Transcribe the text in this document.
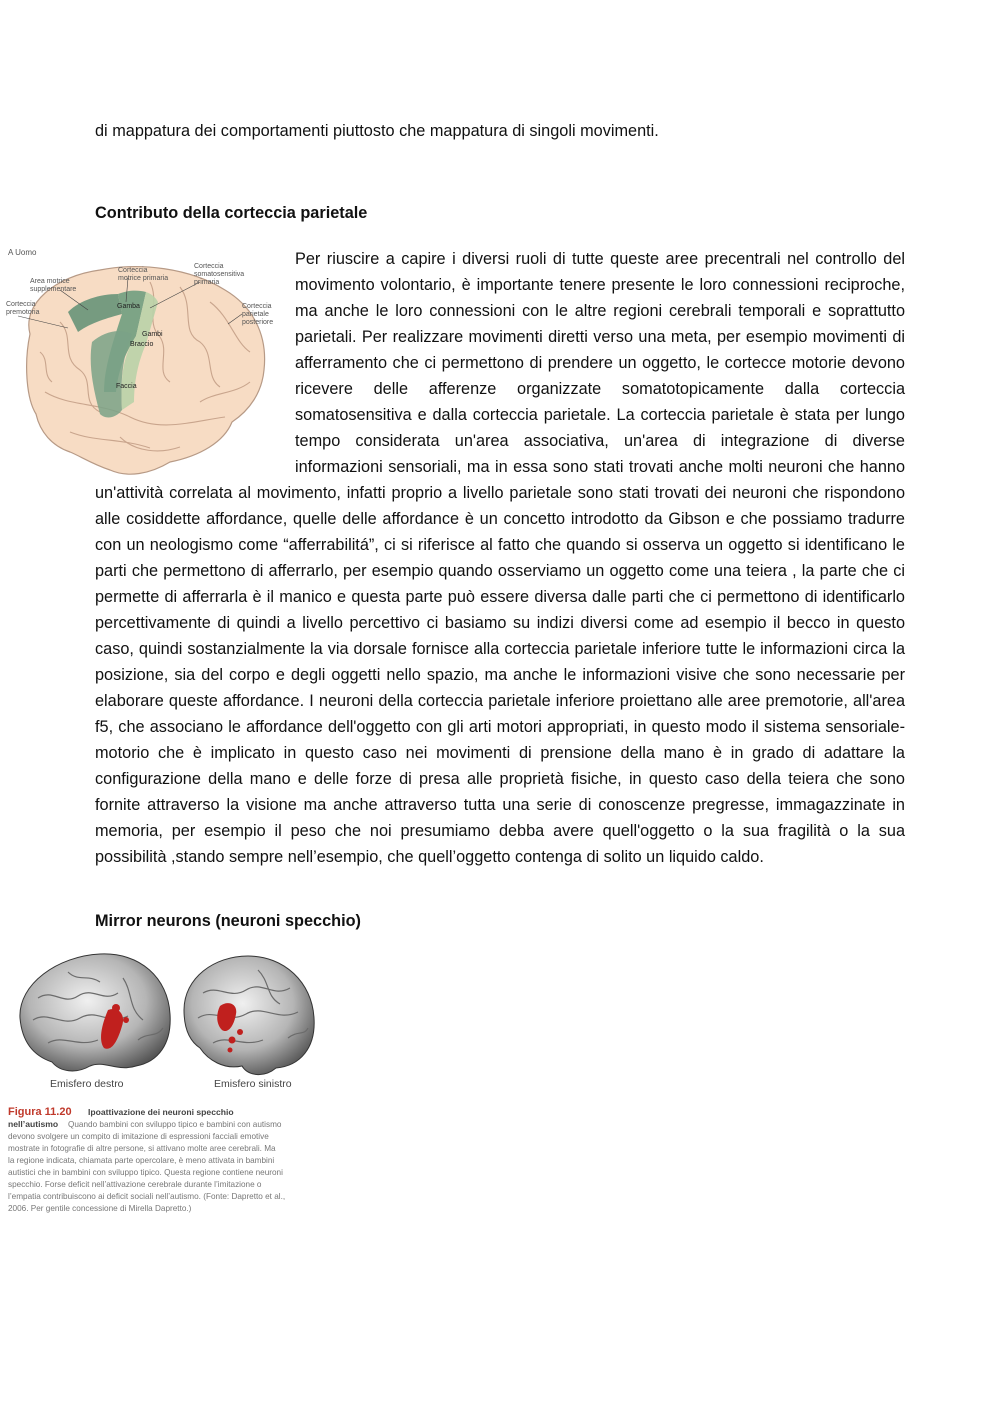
di mappatura dei comportamenti piuttosto che mappatura di singoli movimenti.
Contributo della corteccia parietale
A Uomo
Area motrice
supplementare
Corteccia
motrice primaria
Corteccia
somatosensitiva
primaria
Corteccia
premotoria
Corteccia
parietale
posteriore
Gamba
Gambi
Braccio
Faccia
Per riuscire a capire i diversi ruoli di tutte queste aree precentrali nel controllo del movimento volontario, è importante tenere presente le loro connessioni reciproche, ma anche le loro connessioni con le altre regioni cerebrali temporali e soprattutto parietali. Per realizzare movimenti diretti verso una meta, per esempio movimenti di afferramento che ci permettono di prendere un oggetto, le cortecce motorie devono ricevere delle afferenze organizzate somatotopicamente dalla corteccia somatosensitiva e dalla corteccia parietale. La corteccia parietale è stata per lungo tempo considerata un'area associativa, un'area di integrazione di diverse informazioni sensoriali, ma in essa sono stati trovati anche molti neuroni che hanno un'attività correlata al movimento, infatti proprio a livello parietale sono stati trovati dei neuroni che rispondono alle cosiddette affordance, quelle delle affordance è un concetto introdotto da Gibson e che possiamo tradurre con un neologismo come “afferrabilitá”, ci si riferisce al fatto che quando si osserva un oggetto si identificano le parti che permettono di afferrarlo, per esempio quando osserviamo un oggetto come una teiera , la parte che ci permette di afferrarla è il manico e questa parte può essere diversa dalle parti che ci permettono di identificarlo percettivamente di quindi a livello percettivo ci basiamo su indizi diversi come ad esempio il becco in questo caso, quindi sostanzialmente la via dorsale fornisce alla corteccia parietale inferiore tutte le informazioni circa la posizione, sia del corpo e degli oggetti nello spazio, ma anche le informazioni visive che sono necessarie per elaborare queste affordance. I neuroni della corteccia parietale inferiore proiettano alle aree premotorie, all'area f5, che associano le affordance dell'oggetto con gli arti motori appropriati, in questo modo il sistema sensoriale-motorio che è implicato in questo caso nei movimenti di prensione della mano è in grado di adattare la configurazione della mano e delle forze di presa alle proprietà fisiche, in questo caso della teiera che sono fornite attraverso la visione ma anche attraverso tutta una serie di conoscenze pregresse, immagazzinate in memoria, per esempio il peso che noi presumiamo debba avere quell'oggetto o la sua fragilità o la sua possibilità ,stando sempre nell’esempio, che quell’oggetto contenga di solito un liquido caldo.
Mirror neurons (neuroni specchio)
Emisfero destro	Emisfero sinistro
Figura 11.20 Ipoattivazione dei neuroni specchio
nell’autismo Quando bambini con sviluppo tipico e bambini con autismo
devono svolgere un compito di imitazione di espressioni facciali emotive
mostrate in fotografie di altre persone, si attivano molte aree cerebrali. Ma
la regione indicata, chiamata parte opercolare, è meno attivata in bambini
autistici che in bambini con sviluppo tipico. Questa regione contiene neuroni
specchio. Forse deficit nell’attivazione cerebrale durante l’imitazione o
l’empatia contribuiscono ai deficit sociali nell’autismo. (Fonte: Dapretto et al.,
2006. Per gentile concessione di Mirella Dapretto.)
